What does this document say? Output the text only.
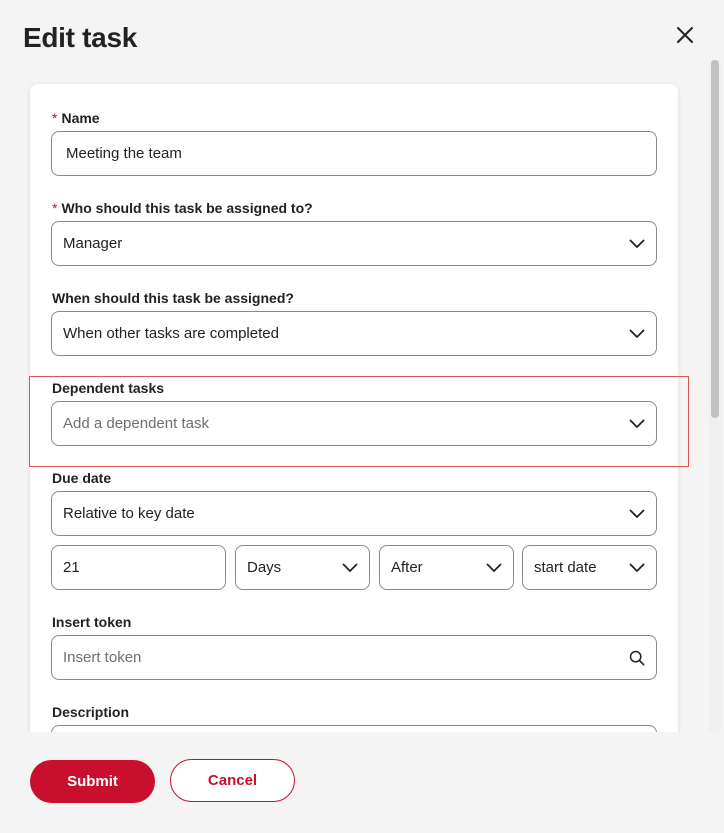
Edit task
* Name
Meeting the team
* Who should this task be assigned to?
Manager
When should this task be assigned?
When other tasks are completed
Dependent tasks
Add a dependent task
Due date
Relative to key date
21	Days	After	start date
Insert token
Insert token
Description
Submit	Cancel
